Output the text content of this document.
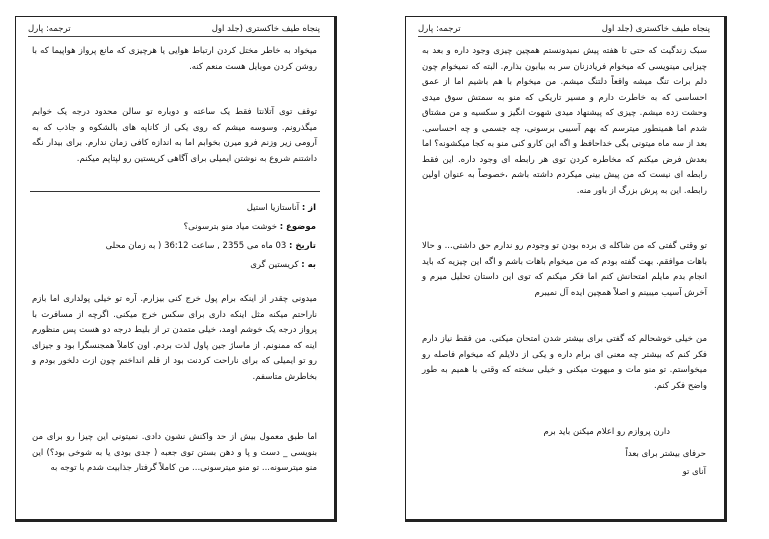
پنجاه طیف خاکستری (جلد اول
ترجمه: پارل
میخواد به خاطر مختل کردن ارتباط هوایی یا هرچیزی که مانع پرواز هواپیما که با روشن کردن موبایل هست منعم کنه.
توقف توی آتلانتا فقط یک ساعته و دوباره تو سالن محدود درجه یک خوابم میگذرونم. وسوسه میشم که روی یکی از کاناپه های بالشکوه و جاذب که به آرومی زیر وزنم فرو میرن بخوابم اما به اندازه کافی زمان ندارم. برای بیدار نگه داشتنم شروع به نوشتن ایمیلی برای آگاهی کریستین رو لپتاپم میکنم.
از : آناستازیا استیل
موضوع : خوشت میاد منو بترسونی؟
تاریخ : 03 ماه می 2355 , ساعت 36:12 ( به زمان محلی
به : کریستین گری
میدونی چقدر از اینکه برام پول خرج کنی بیزارم. آره تو خیلی پولداری اما بازم ناراحتم میکنه مثل اینکه داری برای سکس خرج میکنی. اگرچه از مسافرت با پرواز درجه یک خوشم اومد، خیلی متمدن تر از بلیط درجه دو هست پس منظورم اینه که ممنونم. از ماساژ جین پاول لذت بردم. اون کاملاً همجنسگرا بود و جیزای رو تو ایمیلی که برای ناراحت کردنت بود از قلم انداختم چون ازت دلخور بودم و بخاطرش متاسفم.
اما طبق معمول بیش از حد واکنش نشون دادی. نمیتونی این چیزا رو برای من بنویسی _ دست و پا و دهن بستن توی جعبه ( جدی بودی یا به شوخی بود؟) این منو میترسونه... تو منو میترسونی... من کاملاً گرفتار جذابیت شدم با توجه به
پنجاه طیف خاکستری (جلد اول
ترجمه: پارل
سبک زندگیت که حتی تا هفته پیش نمیدونستم همچین چیزی وجود داره و بعد به چیزایی مینویسی که میخوام فریادزنان سر به بیابون بذارم. البته که نمیخوام چون دلم برات تنگ میشه واقعاً دلتنگ میشم. من میخوام با هم باشیم اما از عمق احساسی که به خاطرت دارم و مسیر تاریکی که منو به سمتش سوق میدی وحشت زده میشم. چیزی که پیشنهاد میدی شهوت انگیز و سکسیه و من مشتاق شدم اما همینطور میترسم که بهم آسیبی برسونی، چه جسمی و چه احساسی. بعد از سه ماه میتونی بگی خداحافظ و اگه این کارو کنی منو به کجا میکشونه؟ اما بعدش فرض میکنم که مخاطره کردن توی هر رابطه ای وجود داره. این فقط رابطه ای نیست که من پیش بینی میکردم داشته باشم ،خصوصاً به عنوان اولین رابطه. این به پرش بزرگ از باور منه.
تو وقتی گفتی که من شاکله ی برده بودن تو وجودم رو ندارم حق داشتی... و حالا باهات موافقم. بهت گفته بودم که من میخوام باهات باشم و اگه این چیزیه که باید انجام بدم مایلم امتحانش کنم اما فکر میکنم که توی این داستان تحلیل میرم و آخرش آسیب میبینم و اصلاً همچین ایده آل نمیبرم
من خیلی خوشحالم که گفتی برای بیشتر شدن امتحان میکنی. من فقط نیاز دارم فکر کنم که بیشتر چه معنی ای برام داره و یکی از دلایلم که میخوام فاصله رو میخواستم. تو منو مات و مبهوت میکنی و خیلی سخته که وقتی با همیم به طور واضح فکر کنم.
دارن پروازم رو اعلام میکنن باید برم
حرفای بیشتر برای بعداً
آنای تو
